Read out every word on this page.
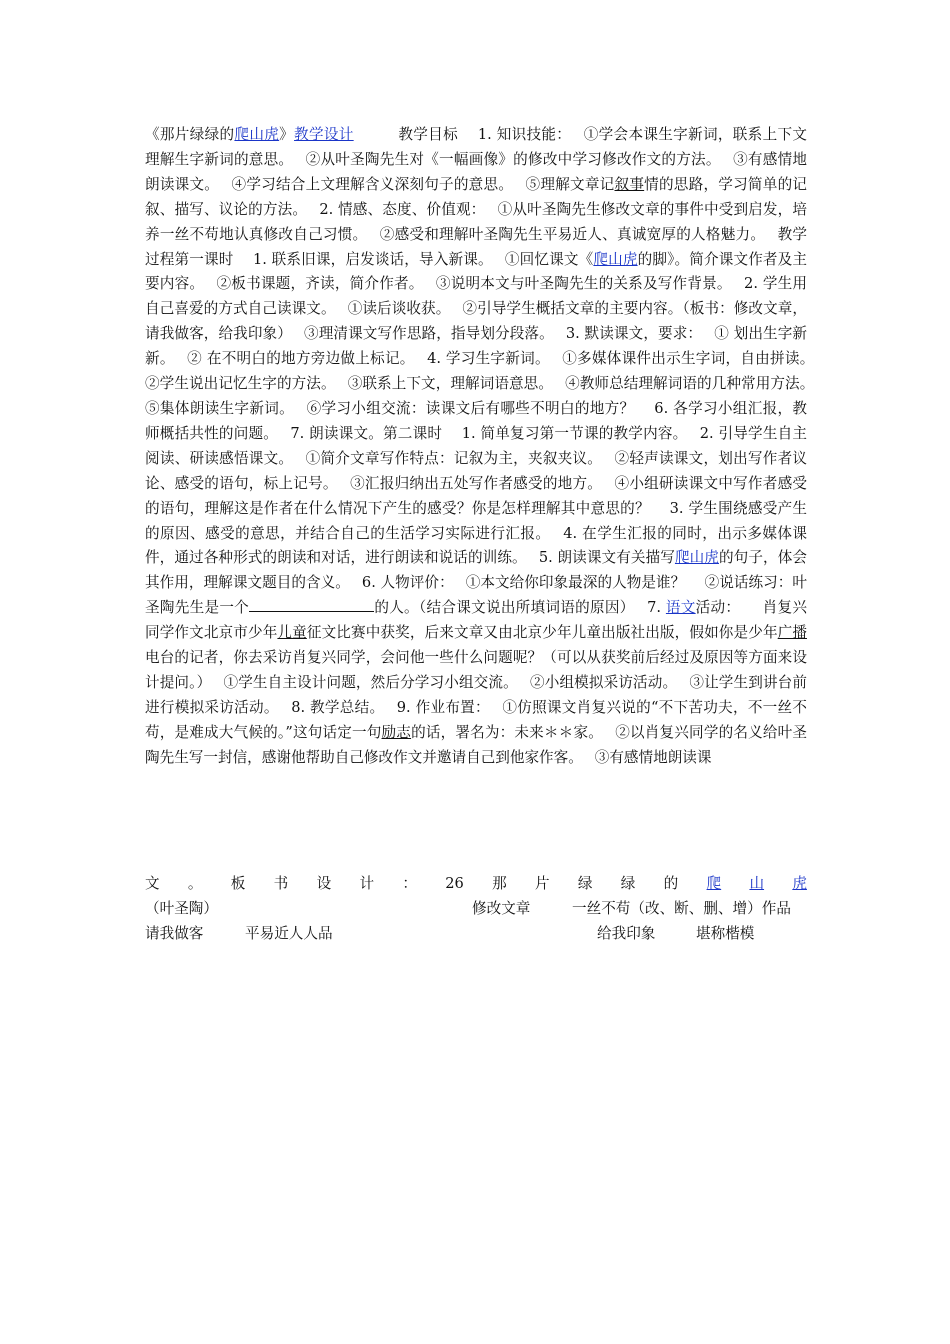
《那片绿绿的爬山虎》教学设计　　　教学目标　 1. 知识技能：　 ①学会本课生字新词，联系上下文理解生字新词的意思。　 ②从叶圣陶先生对《一幅画像》的修改中学习修改作文的方法。　 ③有感情地朗读课文。　 ④学习结合上文理解含义深刻句子的意思。　 ⑤理解文章记叙事情的思路，学习简单的记叙、描写、议论的方法。　 2. 情感、态度、价值观：　 ①从叶圣陶先生修改文章的事件中受到启发，培养一丝不苟地认真修改自己习惯。　 ②感受和理解叶圣陶先生平易近人、真诚宽厚的人格魅力。　 教学过程第一课时　 1. 联系旧课，启发谈话，导入新课。　 ①回忆课文《爬山虎的脚》。简介课文作者及主要内容。　 ②板书课题，齐读，简介作者。　 ③说明本文与叶圣陶先生的关系及写作背景。　 2. 学生用自己喜爱的方式自己读课文。　 ①读后谈收获。　 ②引导学生概括文章的主要内容。（板书：修改文章，请我做客，给我印象）　 ③理清课文写作思路，指导划分段落。　 3. 默读课文，要求：　 ① 划出生字新新。　 ② 在不明白的地方旁边做上标记。　 4. 学习生字新词。　 ①多媒体课件出示生字词，自由拼读。　 ②学生说出记忆生字的方法。　 ③联系上下文，理解词语意思。　 ④教师总结理解词语的几种常用方法。　 ⑤集体朗读生字新词。　 ⑥学习小组交流：读课文后有哪些不明白的地方？　 6. 各学习小组汇报，教师概括共性的问题。　 7. 朗读课文。第二课时　 1. 简单复习第一节课的教学内容。　 2. 引导学生自主阅读、研读感悟课文。　 ①简介文章写作特点：记叙为主，夹叙夹议。　 ②轻声读课文，划出写作者议论、感受的语句，标上记号。　 ③汇报归纳出五处写作者感受的地方。　 ④小组研读课文中写作者感受的语句，理解这是作者在什么情况下产生的感受？你是怎样理解其中意思的？　 3. 学生围绕感受产生的原因、感受的意思，并结合自己的生活学习实际进行汇报。　 4. 在学生汇报的同时，出示多媒体课件，通过各种形式的朗读和对话，进行朗读和说话的训练。　 5. 朗读课文有关描写爬山虎的句子，体会其作用，理解课文题目的含义。　 6. 人物评价：　 ①本文给你印象最深的人物是谁？　 ②说话练习：叶圣陶先生是一个	的人。（结合课文说出所填词语的原因）　 7. 语文活动：　　肖复兴同学作文北京市少年儿童征文比赛中获奖，后来文章又由北京少年儿童出版社出版，假如你是少年广播电台的记者，你去采访肖复兴同学，会问他一些什么问题呢？（可以从获奖前后经过及原因等方面来设计提问。）　 ①学生自主设计问题，然后分学习小组交流。　 ②小组模拟采访活动。　 ③让学生到讲台前进行模拟采访活动。　 8. 教学总结。　 9. 作业布置：　 ①仿照课文肖复兴说的“不下苦功夫，不一丝不苟，是难成大气候的。”这句话定一句励志的话，署名为：未来＊＊家。　 ②以肖复兴同学的名义给叶圣陶先生写一封信，感谢他帮助自己修改作文并邀请自己到他家作客。　 ③有感情地朗读课

文 。 板 书 设 计 ： 26 那 片 绿 绿 的 爬 山 虎
（叶圣陶）	修改文章	一丝不苟（改、断、删、增）作品
请我做客	平易近人人品	给我印象	堪称楷模
